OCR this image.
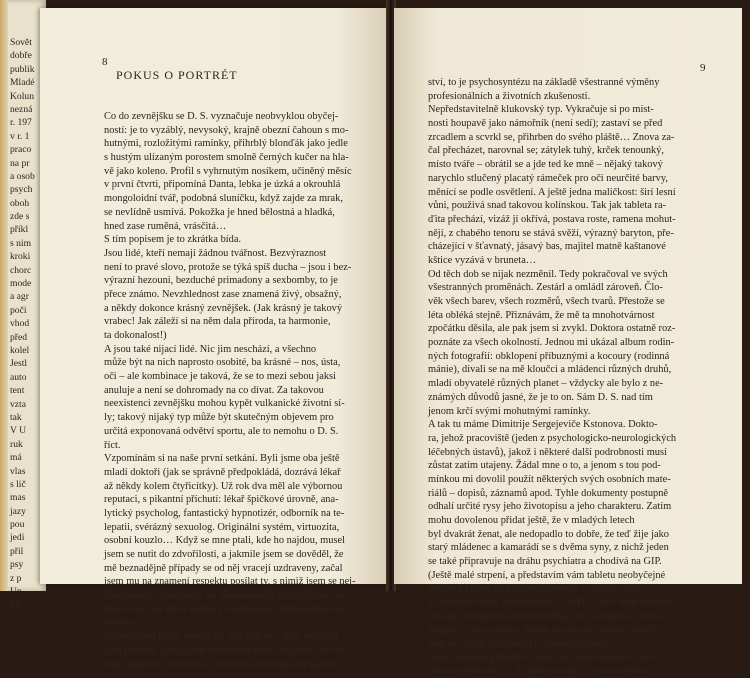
Sovět
dobře
publik
Mladé
Kolun
nezná
r. 197
v r. 1
praco
na pr
a osob
psych
oboh
zde s
příkl
s nim
kroki
chorc
mode
a agr
poči
vhod
před
kolel
Jestl
auto
tent
vzta
tak
V U
ruk
má
vlas
s lič
mas
jazy
pou
jedi
přil
psy
z p
Un
ml
8
POKUS O PORTRÉT
Co do zevnějšku se D. S. vyznačuje neobvyklou obyčej-
ností: je to vyzáblý, nevysoký, krajně obezní čahoun s mo-
hutnými, rozložitými ramínky, přihrblý blonďák jako jedle
s hustým ulízaným porostem smolně černých kučer na hla-
vě jako koleno. Profil s vyhrnutým nosíkem, učiněný měsíc
v první čtvrti, připomíná Danta, lebka je úzká a okrouhlá
mongoloidní tvář, podobná sluníčku, když zajde za mrak,
se nevlídně usmívá. Pokožka je hned bělostná a hladká,
hned zase ruměná, vrásčitá…
S tím popisem je to zkrátka bída.
Jsou lidé, kteří nemají žádnou tvářnost. Bezvýraznost
není to pravé slovo, protože se týká spíš ducha – jsou i bez-
výrazní hezouni, bezduché primadony a sexbomby, to je
přece známo. Nevzhlednost zase znamená živý, obsažný,
a někdy dokonce krásný zevnějšek. (Jak krásný je takový
vrabec! Jak záleží si na něm dala příroda, ta harmonie,
ta dokonalost!)
A jsou také nijací lidé. Nic jim neschází, a všechno
může být na nich naprosto osobité, ba krásné – nos, ústa,
oči – ale kombinace je taková, že se to mezi sebou jaksi
anuluje a není se dohromady na co dívat. Za takovou
neexistenci zevnějšku mohou kypět vulkanické životní sí-
ly; takový nijaký typ může být skutečným objevem pro
určitá exponovaná odvětví sportu, ale to nemohu o D. S.
říct.
Vzpomínám si na naše první setkání. Byli jsme oba ještě
mladí doktoři (jak se správně předpokládá, dozrává lékař
až někdy kolem čtyřicítky). Už rok dva měl ale výbornou
reputaci, s pikantní příchutí: lékař špičkové úrovně, ana-
lytický psycholog, fantastický hypnotizér, odborník na te-
lepatii, svérázný sexuolog. Originální systém, virtuozita,
osobní kouzlo… Když se mne ptali, kde ho najdou, musel
jsem se nutit do zdvořilosti, a jakmile jsem se dověděl, že
mě beznadějně případy se od něj vracejí uzdraveny, začal
jsem mu na znamení respektu posílat ty, s nimiž jsem se nej-
více natrápil. Nevracely se. Konkurenční psychofirma zře-
jmě o nás také něco věděla a zachovávala blahovolnou ne-
utralitu.
Jednou jsem to ale nevydržel a ukázal se v jeho ordinaci
jako pacient. Začal jsem si stěžovat na to a na ono, ale on
mne okamžitě prokoukl a navrhl mi rovnoprávné partner-
9
ství, to je psychosyntézu na základě všestranné výměny
profesionálních a životních zkušeností.
Nepředstavitelně klukovský typ. Vykračuje si po míst-
nosti houpavě jako námořník (není sedí); zastaví se před
zrcadlem a scvrkl se, přihrben do svého pláště… Znova za-
čal přecházet, narovnal se; zátylek tuhý, krček tenounký,
místo tváře – obrátil se a jde ted ke mně – nějaký takový
narychlo stlučený placatý rámeček pro oči neurčité barvy,
měnící se podle osvětlení. A ještě jedna maličkost: širí lesní
vůni, použivá snad takovou kolínskou. Tak jak tableta ra-
ďita přechází, vizáž jí okřívá, postava roste, ramena mohut-
nějí, z chabého tenoru se stává svěží, výrazný baryton, pře-
cházející v šťavnatý, jásavý bas, majitel matně kaštanové
kštice vyzává v bruneta…
Od těch dob se nijak nezměnil. Tedy pokračoval ve svých
všestranných proměnách. Zestárl a omládl zároveň. Člo-
věk všech barev, všech rozměrů, všech tvarů. Přestože se
léta obléká stejně. Přiznávám, že mě ta mnohotvárnost
zpočátku děsila, ale pak jsem si zvykl. Doktora ostatně roz-
poznáte za všech okolností. Jednou mi ukázal album rodin-
ných fotografií: obklopení příbuznými a kocoury (rodinná
mánie), dívali se na mě kloučci a mládenci různých druhů,
mladí obyvatelé různých planet – vždycky ale bylo z ne-
známých důvodů jasné, že je to on. Sám D. S. nad tím
jenom krčí svými mohutnými ramínky.
A tak tu máme Dimitrije Sergejeviče Kstonova. Dokto-
ra, jehož pracoviště (jeden z psychologicko-neurologických
léčebných ústavů), jakož i některé další podrobnosti musí
zůstat zatím utajeny. Žádal mne o to, a jenom s tou pod-
mínkou mi dovolil použít některých svých osobních mate-
riálů – dopisů, záznamů apod. Tyhle dokumenty postupně
odhalí určité rysy jeho životopisu a jeho charakteru. Zatím
mohu dovolenou přidat ještě, že v mladých letech
byl dvakrát ženat, ale nedopadlo to dobře, že teď žije jako
starý mládenec a kamarádí se s dvěma syny, z nichž jeden
se také připravuje na dráhu psychiatra a chodívá na GIP.
(Ještě malé strpení, a představím vám tabletu neobyčejné
instituci.) Není také žádné tajemství – co bylo, bylo,
a člověk se může aspoň poučit – že D. S. se v těch kompli-
kovaných mladých letech nezříkal pití, a dokonce fetoval,
totálně s tím ale sekl a jenom si sem tam zapálí, těbače
sám už zbavil toho návyku spoustu pacientů.
Naše svérázné přátelství naráží na různé nesnáze. Tem-
peramentem není D. S. vůbec suchar – je to vznětlivý
